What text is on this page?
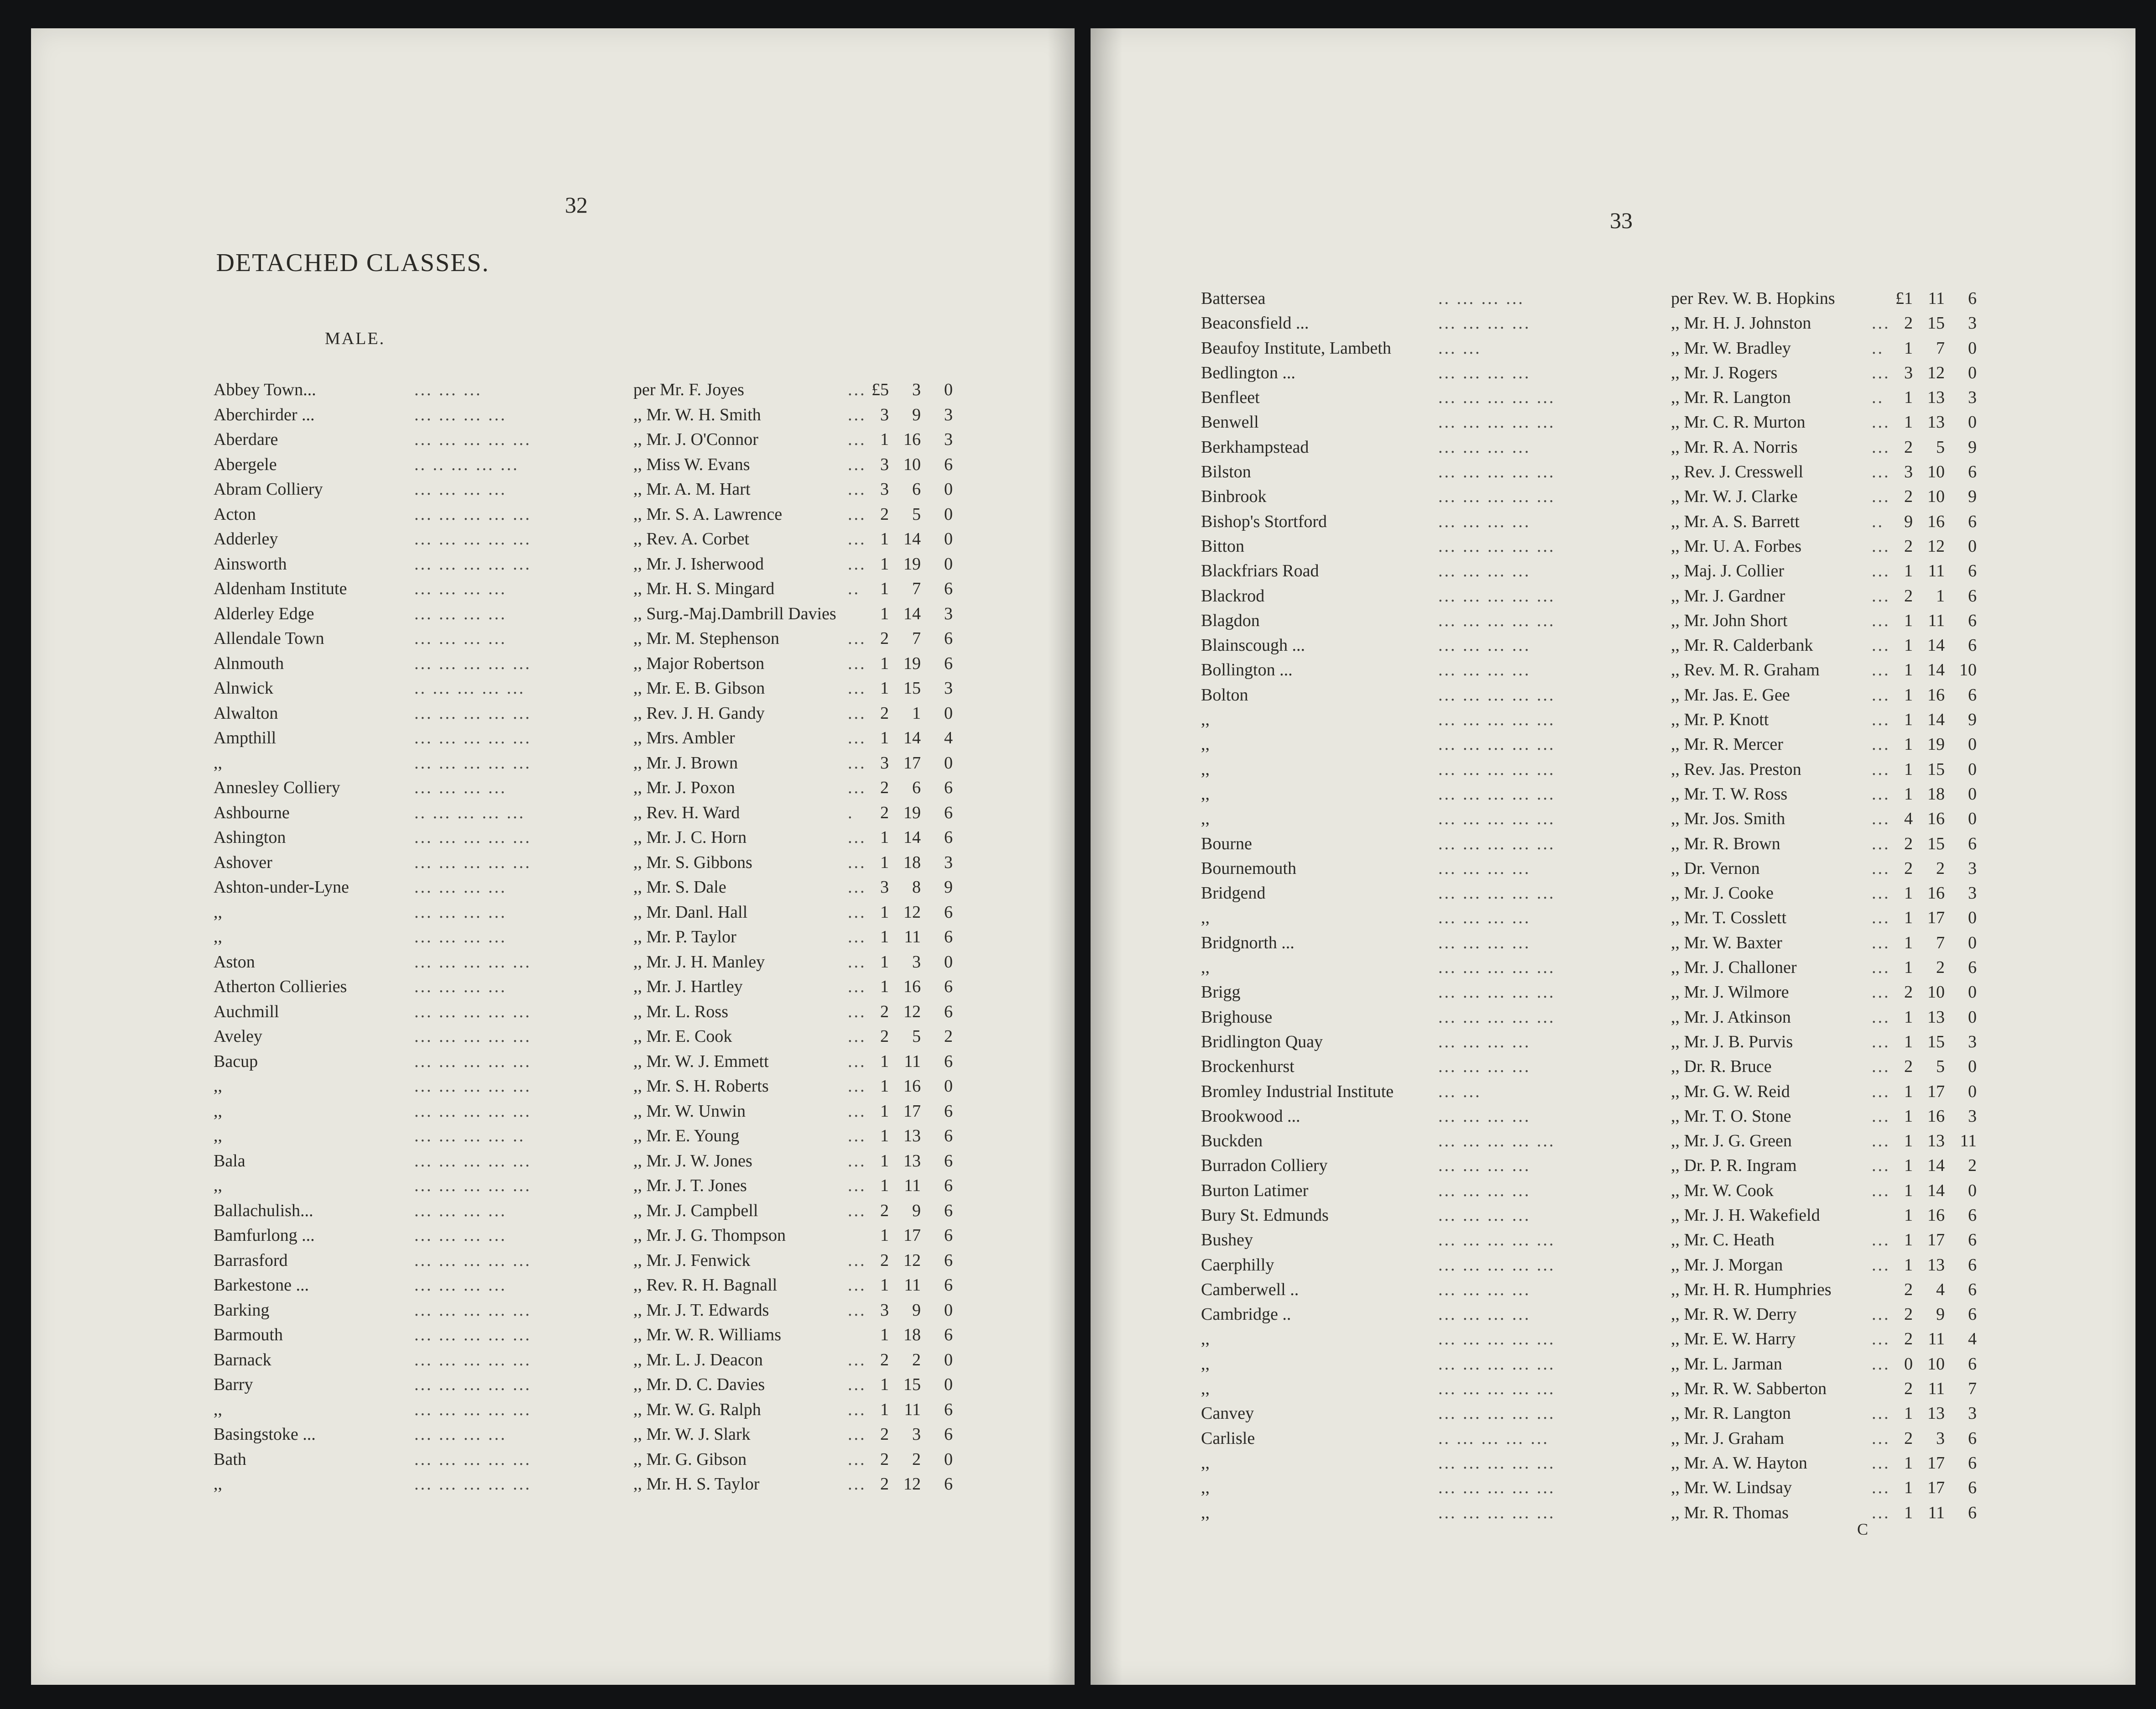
32
DETACHED CLASSES.
MALE.
Abbey Town...	... ... ...	per Mr. F. Joyes	... £5	3	0
Aberchirder ...	... ... ... ...	,, Mr. W. H. Smith	... 3	9	3
Aberdare	... ... ... ... ...	,, Mr. J. O'Connor	... 1 16	3
Abergele	.. .. ... ... ...	,, Miss W. Evans	... 3 10	6
Abram Colliery	... ... ... ...	,, Mr. A. M. Hart	... 3	6	0
Acton	... ... ... ... ...	,, Mr. S. A. Lawrence	... 2	5	0
Adderley	... ... ... ... ...	,, Rev. A. Corbet	... 1 14	0
Ainsworth	... ... ... ... ...	,, Mr. J. Isherwood	... 1 19	0
Aldenham Institute	... ... ... ...	,, Mr. H. S. Mingard	..	1	7	6
Alderley Edge	... ... ... ...	,, Surg.-Maj.Dambrill Davies	1 14	3
Allendale Town	... ... ... ...	,, Mr. M. Stephenson	... 2	7	6
Alnmouth	... ... ... ... ...	,, Major Robertson	... 1 19	6
Alnwick	.. ... ... ... ...	,, Mr. E. B. Gibson	... 1 15	3
Alwalton	... ... ... ... ...	,, Rev. J. H. Gandy	... 2	1	0
Ampthill	... ... ... ... ...	,, Mrs. Ambler	... 1 14	4
,,	... ... ... ... ...	,, Mr. J. Brown	... 3 17	0
Annesley Colliery	... ... ... ...	,, Mr. J. Poxon	... 2	6	6
Ashbourne	.. ... ... ... ...	,, Rev. H. Ward	.	2 19	6
Ashington	... ... ... ... ...	,, Mr. J. C. Horn	... 1 14	6
Ashover	... ... ... ... ...	,, Mr. S. Gibbons	... 1 18	3
Ashton-under-Lyne	... ... ... ...	,, Mr. S. Dale	... 3	8	9
,,	... ... ... ...	,, Mr. Danl. Hall	... 1 12	6
,,	... ... ... ...	,, Mr. P. Taylor	... 1 11	6
Aston	... ... ... ... ...	,, Mr. J. H. Manley	... 1	3	0
Atherton Collieries	... ... ... ...	,, Mr. J. Hartley	... 1 16	6
Auchmill	... ... ... ... ...	,, Mr. L. Ross	... 2 12	6
Aveley	... ... ... ... ...	,, Mr. E. Cook	... 2	5	2
Bacup	... ... ... ... ...	,, Mr. W. J. Emmett	... 1 11	6
,,	... ... ... ... ...	,, Mr. S. H. Roberts	... 1 16	0
,,	... ... ... ... ...	,, Mr. W. Unwin	... 1 17	6
,,	... ... ... ... ..	,, Mr. E. Young	... 1 13	6
Bala	... ... ... ... ...	,, Mr. J. W. Jones	... 1 13	6
,,	... ... ... ... ...	,, Mr. J. T. Jones	... 1 11	6
Ballachulish...	... ... ... ...	,, Mr. J. Campbell	... 2	9	6
Bamfurlong ...	... ... ... ...	,, Mr. J. G. Thompson	1 17	6
Barrasford	... ... ... ... ...	,, Mr. J. Fenwick	... 2 12	6
Barkestone ...	... ... ... ...	,, Rev. R. H. Bagnall	... 1 11	6
Barking	... ... ... ... ...	,, Mr. J. T. Edwards	... 3	9	0
Barmouth	... ... ... ... ...	,, Mr. W. R. Williams	1 18	6
Barnack	... ... ... ... ...	,, Mr. L. J. Deacon	... 2	2	0
Barry	... ... ... ... ...	,, Mr. D. C. Davies	... 1 15	0
,,	... ... ... ... ...	,, Mr. W. G. Ralph	... 1 11	6
Basingstoke ...	... ... ... ...	,, Mr. W. J. Slark	... 2	3	6
Bath	... ... ... ... ...	,, Mr. G. Gibson	... 2	2	0
,,	... ... ... ... ...	,, Mr. H. S. Taylor	... 2 12	6
33
Battersea	.. ... ... ...	per Rev. W. B. Hopkins	£1 11	6
Beaconsfield ...	... ... ... ...	,, Mr. H. J. Johnston	... 2 15	3
Beaufoy Institute, Lambeth	... ...	,, Mr. W. Bradley	..	1	7	0
Bedlington ...	... ... ... ...	,, Mr. J. Rogers	... 3 12	0
Benfleet	... ... ... ... ...	,, Mr. R. Langton	..	1 13	3
Benwell	... ... ... ... ...	,, Mr. C. R. Murton	... 1 13	0
Berkhampstead	... ... ... ...	,, Mr. R. A. Norris	... 2	5	9
Bilston	... ... ... ... ...	,, Rev. J. Cresswell	... 3 10	6
Binbrook	... ... ... ... ...	,, Mr. W. J. Clarke	... 2 10	9
Bishop's Stortford	... ... ... ...	,, Mr. A. S. Barrett	..	9 16	6
Bitton	... ... ... ... ...	,, Mr. U. A. Forbes	... 2 12	0
Blackfriars Road	... ... ... ...	,, Maj. J. Collier	... 1 11	6
Blackrod	... ... ... ... ...	,, Mr. J. Gardner	... 2	1	6
Blagdon	... ... ... ... ...	,, Mr. John Short	... 1 11	6
Blainscough ...	... ... ... ...	,, Mr. R. Calderbank	... 1 14	6
Bollington ...	... ... ... ...	,, Rev. M. R. Graham	... 1 14 10
Bolton	... ... ... ... ...	,, Mr. Jas. E. Gee	... 1 16	6
,,	... ... ... ... ...	,, Mr. P. Knott	... 1 14	9
,,	... ... ... ... ...	,, Mr. R. Mercer	... 1 19	0
,,	... ... ... ... ...	,, Rev. Jas. Preston	... 1 15	0
,,	... ... ... ... ...	,, Mr. T. W. Ross	... 1 18	0
,,	... ... ... ... ...	,, Mr. Jos. Smith	... 4 16	0
Bourne	... ... ... ... ...	,, Mr. R. Brown	... 2 15	6
Bournemouth	... ... ... ...	,, Dr. Vernon	... 2	2	3
Bridgend	... ... ... ... ...	,, Mr. J. Cooke	... 1 16	3
,,	... ... ... ...	,, Mr. T. Cosslett	... 1 17	0
Bridgnorth ...	... ... ... ...	,, Mr. W. Baxter	... 1	7	0
,,	... ... ... ... ...	,, Mr. J. Challoner	... 1	2	6
Brigg	... ... ... ... ...	,, Mr. J. Wilmore	... 2 10	0
Brighouse	... ... ... ... ...	,, Mr. J. Atkinson	... 1 13	0
Bridlington Quay	... ... ... ...	,, Mr. J. B. Purvis	... 1 15	3
Brockenhurst	... ... ... ...	,, Dr. R. Bruce	... 2	5	0
Bromley Industrial Institute	... ...	,, Mr. G. W. Reid	... 1 17	0
Brookwood ...	... ... ... ...	,, Mr. T. O. Stone	... 1 16	3
Buckden	... ... ... ... ...	,, Mr. J. G. Green	... 1 13 11
Burradon Colliery	... ... ... ...	,, Dr. P. R. Ingram	... 1 14	2
Burton Latimer	... ... ... ...	,, Mr. W. Cook	... 1 14	0
Bury St. Edmunds	... ... ... ...	,, Mr. J. H. Wakefield	1 16	6
Bushey	... ... ... ... ...	,, Mr. C. Heath	... 1 17	6
Caerphilly	... ... ... ... ...	,, Mr. J. Morgan	... 1 13	6
Camberwell ..	... ... ... ...	,, Mr. H. R. Humphries	2	4	6
Cambridge ..	... ... ... ...	,, Mr. R. W. Derry	... 2	9	6
,,	... ... ... ... ...	,, Mr. E. W. Harry	... 2 11	4
,,	... ... ... ... ...	,, Mr. L. Jarman	... 0 10	6
,,	... ... ... ... ...	,, Mr. R. W. Sabberton	2 11	7
Canvey	... ... ... ... ...	,, Mr. R. Langton	... 1 13	3
Carlisle	.. ... ... ... ...	,, Mr. J. Graham	... 2	3	6
,,	... ... ... ... ...	,, Mr. A. W. Hayton	... 1 17	6
,,	... ... ... ... ...	,, Mr. W. Lindsay	... 1 17	6
,,	... ... ... ... ...	,, Mr. R. Thomas	... 1 11	6
C
